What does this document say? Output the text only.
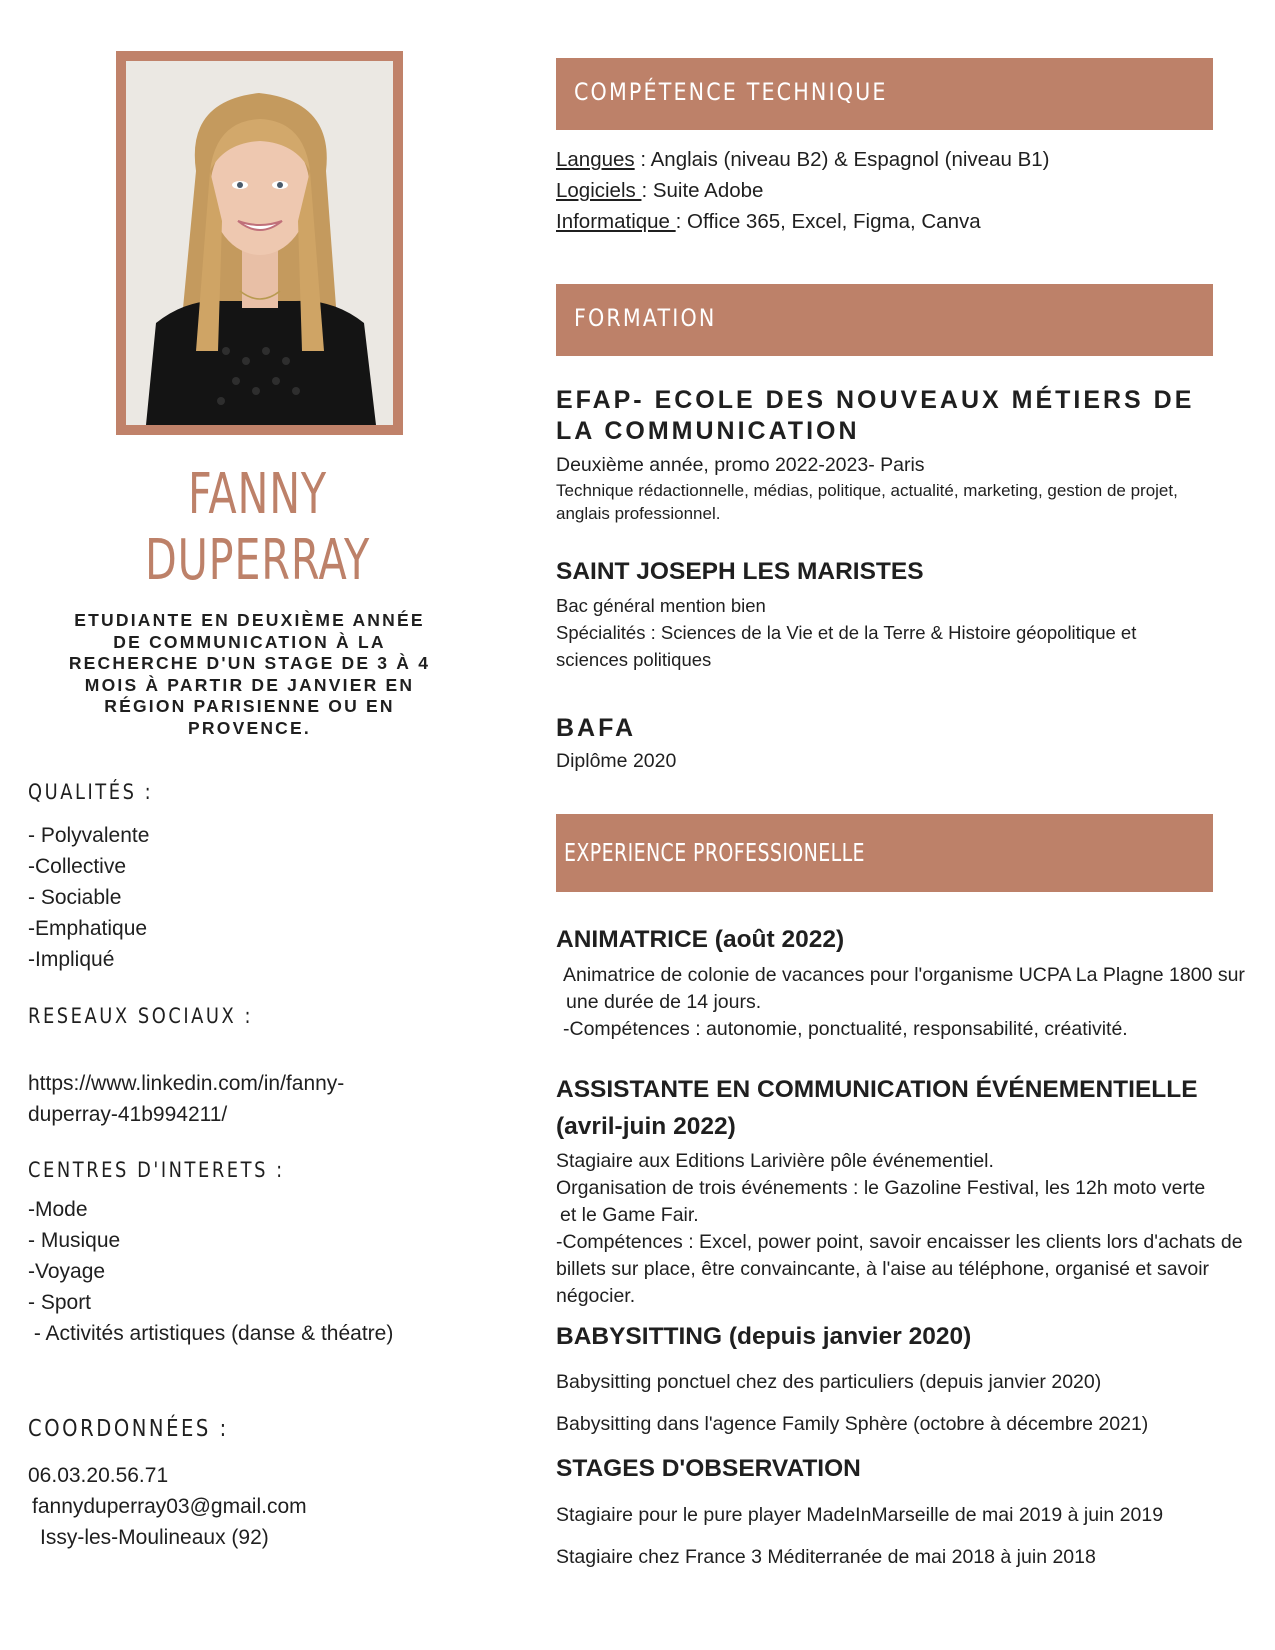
FANNY
DUPERRAY
ETUDIANTE EN DEUXIÈME ANNÉE DE COMMUNICATION À LA RECHERCHE D'UN STAGE DE 3 À 4 MOIS À PARTIR DE JANVIER EN RÉGION PARISIENNE OU EN PROVENCE.
QUALITÉS :
- Polyvalente
-Collective
- Sociable
-Emphatique
-Impliqué
RESEAUX SOCIAUX :
https://www.linkedin.com/in/fanny-
duperray-41b994211/
CENTRES D'INTERETS :
-Mode
- Musique
-Voyage
- Sport
- Activités artistiques (danse & théatre)
COORDONNÉES :
06.03.20.56.71
fannyduperray03@gmail.com
Issy-les-Moulineaux (92)
COMPÉTENCE TECHNIQUE
Langues : Anglais (niveau B2) & Espagnol (niveau B1)
Logiciels : Suite Adobe
Informatique : Office 365, Excel, Figma, Canva
FORMATION
EFAP- ECOLE DES NOUVEAUX MÉTIERS DE
LA COMMUNICATION
Deuxième année, promo 2022-2023- Paris
Technique rédactionnelle, médias, politique, actualité, marketing, gestion de projet, anglais professionnel.
SAINT JOSEPH LES MARISTES
Bac général mention bien
Spécialités : Sciences de la Vie et de la Terre & Histoire géopolitique et
sciences politiques
BAFA
Diplôme 2020
EXPERIENCE PROFESSIONELLE
ANIMATRICE (août 2022)
Animatrice de colonie de vacances pour l'organisme UCPA La Plagne 1800 sur
une durée de 14 jours.
-Compétences : autonomie, ponctualité, responsabilité, créativité.
ASSISTANTE EN COMMUNICATION ÉVÉNEMENTIELLE
(avril-juin 2022)
Stagiaire aux Editions Larivière pôle événementiel.
Organisation de trois événements : le Gazoline Festival, les 12h moto verte
et le Game Fair.
-Compétences : Excel, power point, savoir encaisser les clients lors d'achats de
billets sur place, être convaincante, à l'aise au téléphone, organisé et savoir
négocier.
BABYSITTING (depuis janvier 2020)
Babysitting ponctuel chez des particuliers (depuis janvier 2020)
Babysitting dans l'agence Family Sphère (octobre à décembre 2021)
STAGES D'OBSERVATION
Stagiaire pour le pure player MadeInMarseille de mai 2019 à juin 2019
Stagiaire chez France 3 Méditerranée de mai 2018 à juin 2018
